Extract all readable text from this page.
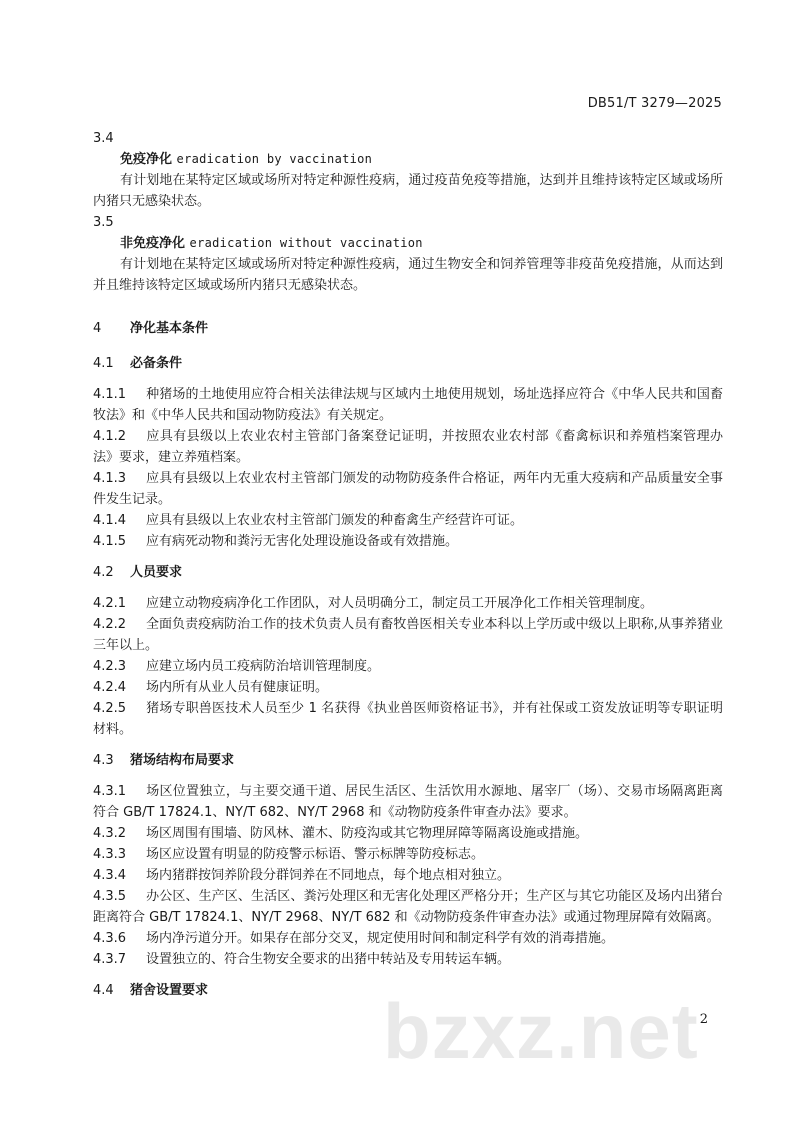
DB51/T 3279—2025
bzxz.net
3.4
免疫净化 eradication by vaccination
有计划地在某特定区域或场所对特定种源性疫病，通过疫苗免疫等措施，达到并且维持该特定区域或场所内猪只无感染状态。
3.5
非免疫净化 eradication without vaccination
有计划地在某特定区域或场所对特定种源性疫病，通过生物安全和饲养管理等非疫苗免疫措施，从而达到并且维持该特定区域或场所内猪只无感染状态。
4 净化基本条件
4.1 必备条件
4.1.1 种猪场的土地使用应符合相关法律法规与区域内土地使用规划，场址选择应符合《中华人民共和国畜牧法》和《中华人民共和国动物防疫法》有关规定。
4.1.2 应具有县级以上农业农村主管部门备案登记证明，并按照农业农村部《畜禽标识和养殖档案管理办法》要求，建立养殖档案。
4.1.3 应具有县级以上农业农村主管部门颁发的动物防疫条件合格证，两年内无重大疫病和产品质量安全事件发生记录。
4.1.4 应具有县级以上农业农村主管部门颁发的种畜禽生产经营许可证。
4.1.5 应有病死动物和粪污无害化处理设施设备或有效措施。
4.2 人员要求
4.2.1 应建立动物疫病净化工作团队，对人员明确分工，制定员工开展净化工作相关管理制度。
4.2.2 全面负责疫病防治工作的技术负责人员有畜牧兽医相关专业本科以上学历或中级以上职称,从事养猪业三年以上。
4.2.3 应建立场内员工疫病防治培训管理制度。
4.2.4 场内所有从业人员有健康证明。
4.2.5 猪场专职兽医技术人员至少 1 名获得《执业兽医师资格证书》，并有社保或工资发放证明等专职证明材料。
4.3 猪场结构布局要求
4.3.1 场区位置独立，与主要交通干道、居民生活区、生活饮用水源地、屠宰厂（场）、交易市场隔离距离符合 GB/T 17824.1、NY/T 682、NY/T 2968 和《动物防疫条件审查办法》要求。
4.3.2 场区周围有围墙、防风林、灌木、防疫沟或其它物理屏障等隔离设施或措施。
4.3.3 场区应设置有明显的防疫警示标语、警示标牌等防疫标志。
4.3.4 场内猪群按饲养阶段分群饲养在不同地点，每个地点相对独立。
4.3.5 办公区、生产区、生活区、粪污处理区和无害化处理区严格分开；生产区与其它功能区及场内出猪台距离符合 GB/T 17824.1、NY/T 2968、NY/T 682 和《动物防疫条件审查办法》或通过物理屏障有效隔离。
4.3.6 场内净污道分开。如果存在部分交叉，规定使用时间和制定科学有效的消毒措施。
4.3.7 设置独立的、符合生物安全要求的出猪中转站及专用转运车辆。
4.4 猪舍设置要求
2
